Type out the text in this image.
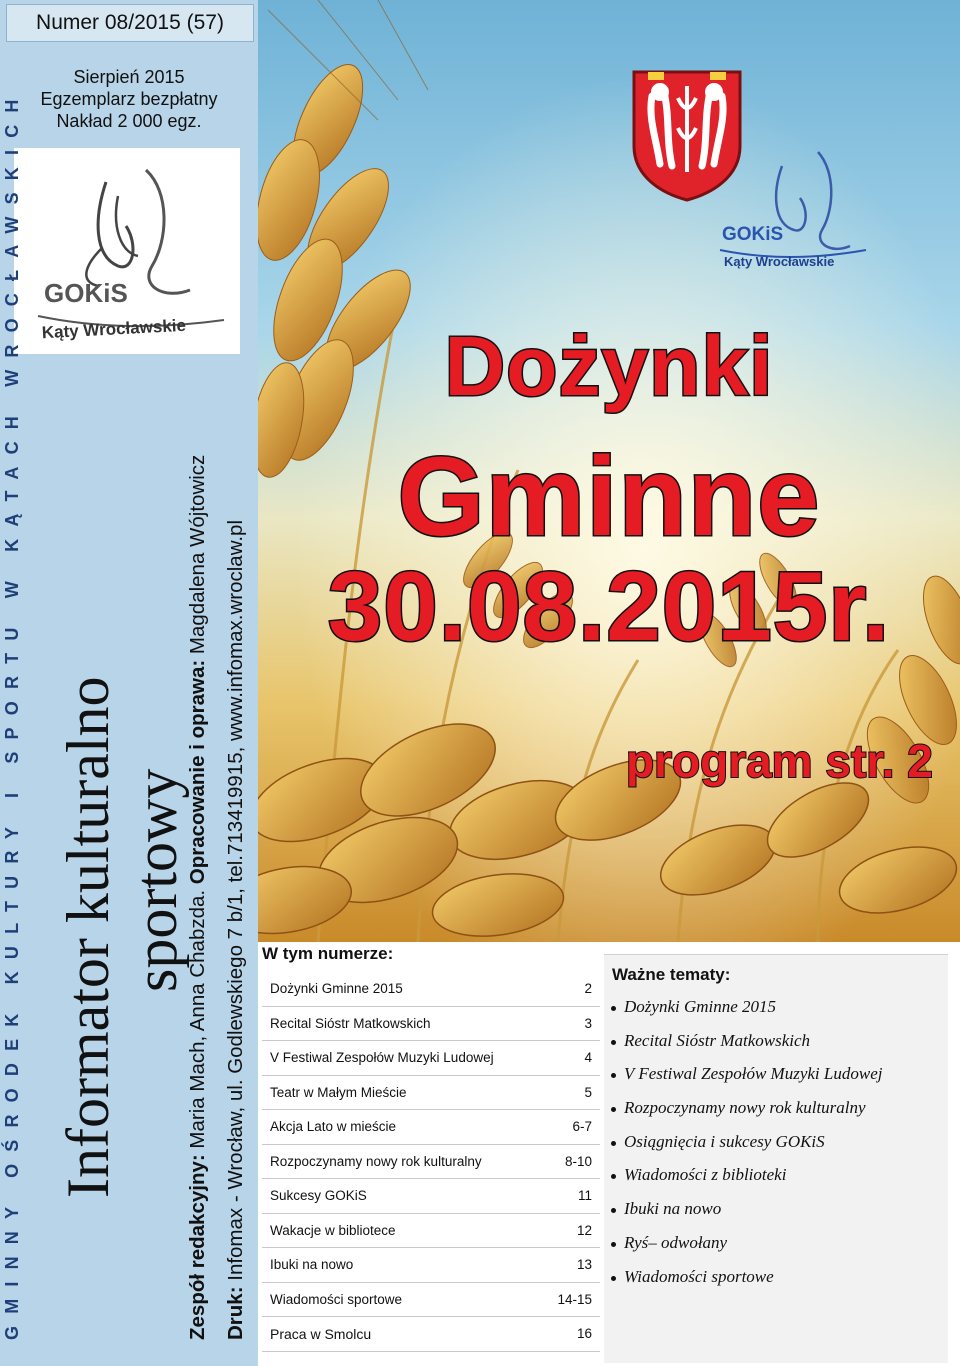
Numer 08/2015 (57)
Sierpień 2015
Egzemplarz bezpłatny
Nakład 2 000 egz.
GOKiS
Kąty Wrocławskie
GMINNY OŚRODEK KULTURY I SPORTU W KĄTACH WROCŁAWSKICH Informator kulturalno sportowy
Zespół redakcyjny: Maria Mach, Anna Chabzda. Opracowanie i oprawa: Magdalena Wójtowicz
Druk: Infomax - Wrocław, ul. Godlewskiego 7 b/1, tel.713419915, www.infomax.wroclaw.pl
GOKiS
Kąty Wrocławskie
Dożynki
Gminne
30.08.2015r.
program str. 2
W tym numerze:
Dożynki Gminne 2015	2
Recital Sióstr Matkowskich	3
V Festiwal Zespołów Muzyki Ludowej	4
Teatr w Małym Mieście	5
Akcja Lato w mieście	6-7
Rozpoczynamy nowy rok kulturalny	8-10
Sukcesy GOKiS	11
Wakacje w bibliotece	12
Ibuki na nowo	13
Wiadomości sportowe	14-15
Praca w Smolcu	16
Ważne tematy:
Dożynki Gminne 2015
Recital Sióstr Matkowskich
V Festiwal Zespołów Muzyki Ludowej
Rozpoczynamy nowy rok kulturalny
Osiągnięcia i sukcesy GOKiS
Wiadomości z biblioteki
Ibuki na nowo
Ryś– odwołany
Wiadomości sportowe
